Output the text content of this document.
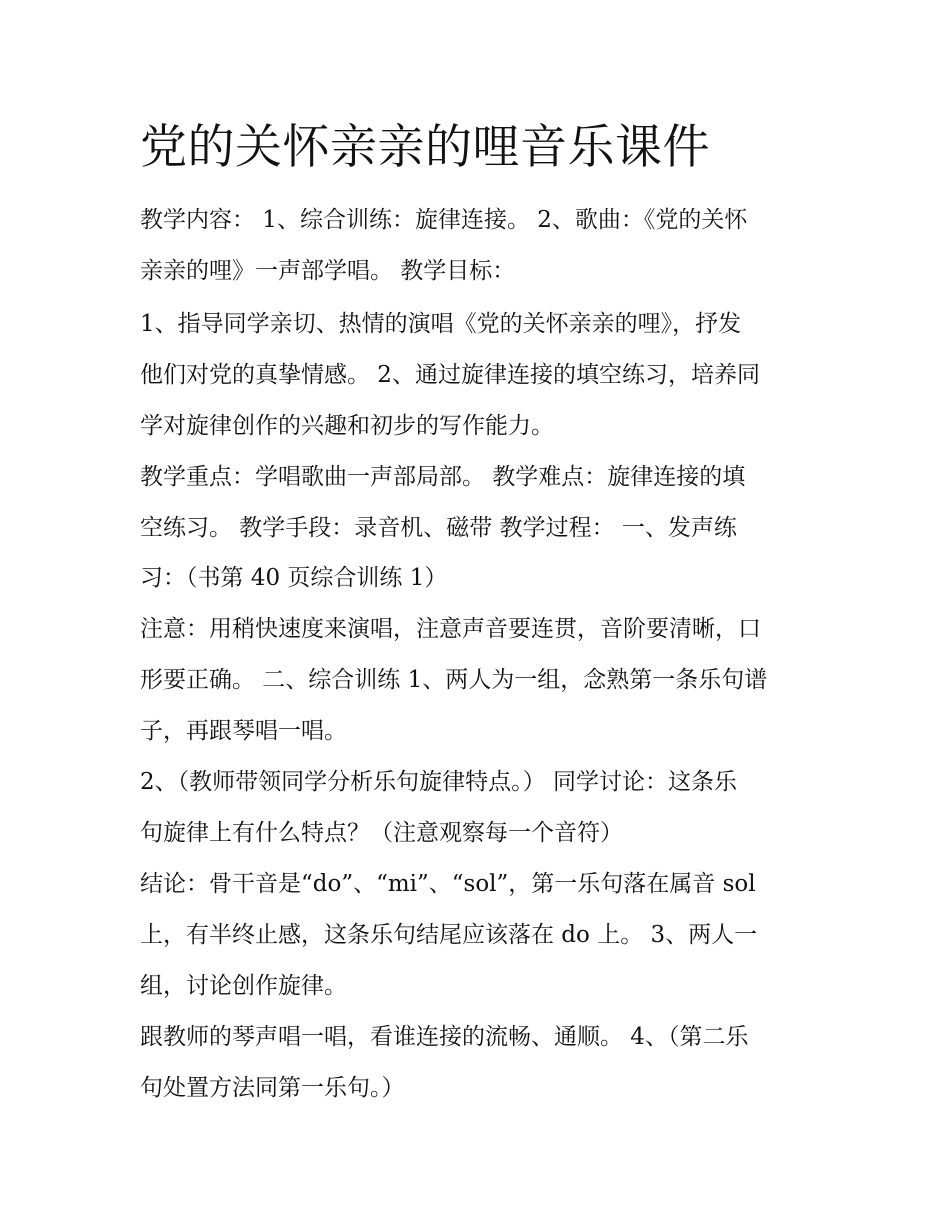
党的关怀亲亲的哩音乐课件

教学内容： 1、综合训练：旋律连接。 2、歌曲：《党的关怀

亲亲的哩》一声部学唱。 教学目标：

1、指导同学亲切、热情的演唱《党的关怀亲亲的哩》，抒发

他们对党的真挚情感。 2、通过旋律连接的填空练习，培养同

学对旋律创作的兴趣和初步的写作能力。

教学重点：学唱歌曲一声部局部。 教学难点：旋律连接的填

空练习。 教学手段：录音机、磁带 教学过程： 一、发声练

习：（书第 40 页综合训练 1）

注意：用稍快速度来演唱，注意声音要连贯，音阶要清晰，口

形要正确。 二、综合训练 1、两人为一组，念熟第一条乐句谱

子，再跟琴唱一唱。

2、（教师带领同学分析乐句旋律特点。） 同学讨论：这条乐

句旋律上有什么特点？（注意观察每一个音符）

结论：骨干音是“do”、“mi”、“sol”，第一乐句落在属音 sol

上，有半终止感，这条乐句结尾应该落在 do 上。 3、两人一

组，讨论创作旋律。

跟教师的琴声唱一唱，看谁连接的流畅、通顺。 4、（第二乐

句处置方法同第一乐句。）
